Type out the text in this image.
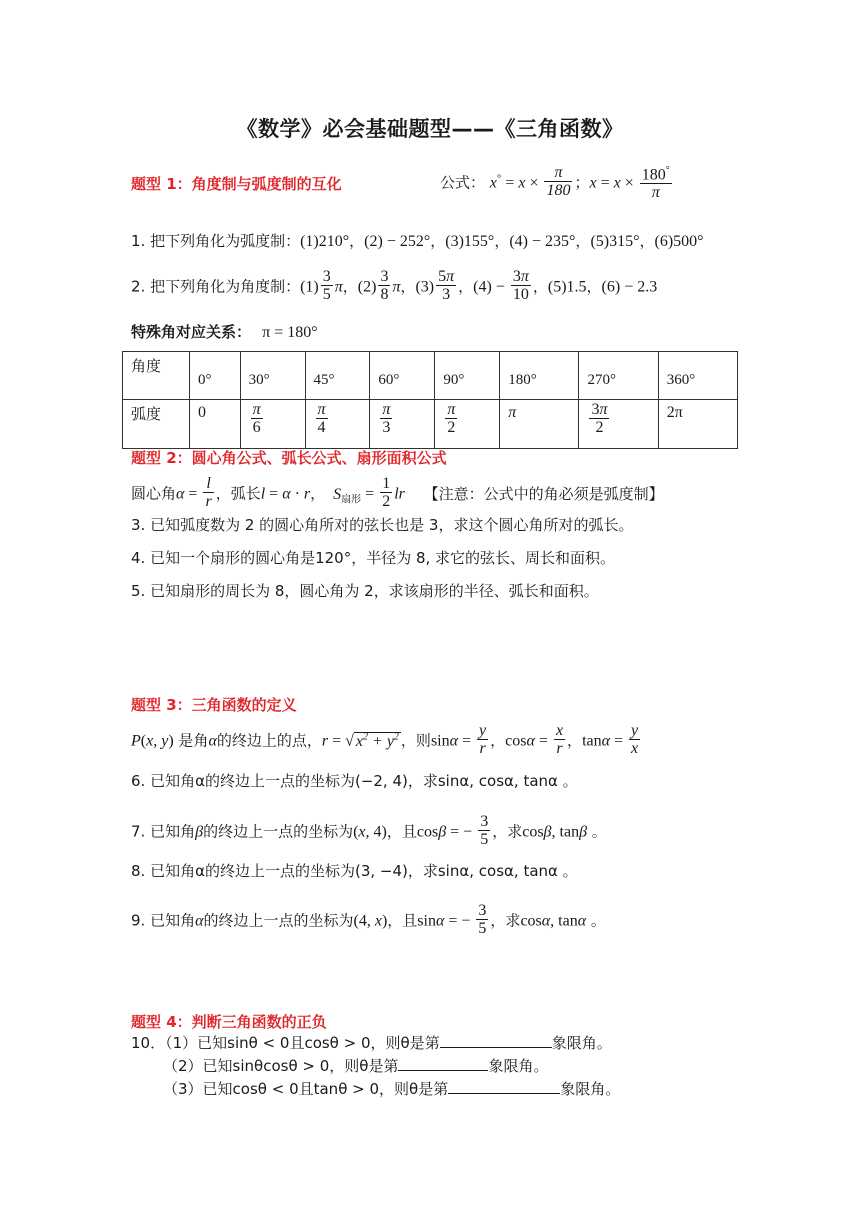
《数学》必会基础题型——《三角函数》
题型 1：角度制与弧度制的互化	公式： $x^\circ = x \times \frac{\pi}{180}$ ；$x = x \times \frac{180^\circ}{\pi}$
1. 把下列角化为弧度制：(1)210°，(2) − 252°，(3)155°，(4) − 235°，(5)315°，(6)500°
2. 把下列角化为角度制：$(1) \frac{3}{5}$ π，$(2) \frac{3}{8}$ π，$(3) \frac{5\pi}{3}$ ，$(4) - \frac{3\pi}{10}$ ，(5)1.5，(6) − 2.3
特殊角对应关系： π = 180°
角度	0°	30°	45°	60°	90°	180°	270°	360°
弧度	0	$\frac{\pi}{6}$	$\frac{\pi}{4}$	$\frac{\pi}{3}$	$\frac{\pi}{2}$	π	$\frac{3\pi}{2}$	2π
题型 2：圆心角公式、弧长公式、扇形面积公式
圆心角$\alpha = \frac{l}{r}$ ，弧长l = α · r， $S_{扇形} = \frac{1}{2}$ lr 【注意：公式中的角必须是弧度制】
3. 已知弧度数为 2 的圆心角所对的弦长也是 3，求这个圆心角所对的弧长。
4. 已知一个扇形的圆心角是120°，半径为 8, 求它的弦长、周长和面积。
5. 已知扇形的周长为 8，圆心角为 2，求该扇形的半径、弧长和面积。
题型 3：三角函数的定义
P(x, y) 是角α的终边上的点，r = √ $x^2 + y^2$ ，则$\sin\alpha = \frac{y}{r}$ ，$\cos\alpha = \frac{x}{r}$ ，$\tan\alpha = \frac{y}{x}$
6. 已知角α的终边上一点的坐标为(−2, 4)，求sinα, cosα, tanα 。
7. 已知角β的终边上一点的坐标为(x, 4)，且cosβ = − $\frac{3}{5}$ ，求cosβ, tanβ 。
8. 已知角α的终边上一点的坐标为(3, −4)，求sinα, cosα, tanα 。
9. 已知角α的终边上一点的坐标为(4, x)，且sinα = − $\frac{3}{5}$ ，求cosα, tanα 。
题型 4：判断三角函数的正负
10．（1）已知sinθ < 0且cosθ > 0，则θ是第	象限角。
（2）已知sinθcosθ > 0，则θ是第	象限角。
（3）已知cosθ < 0且tanθ > 0，则θ是第	象限角。
